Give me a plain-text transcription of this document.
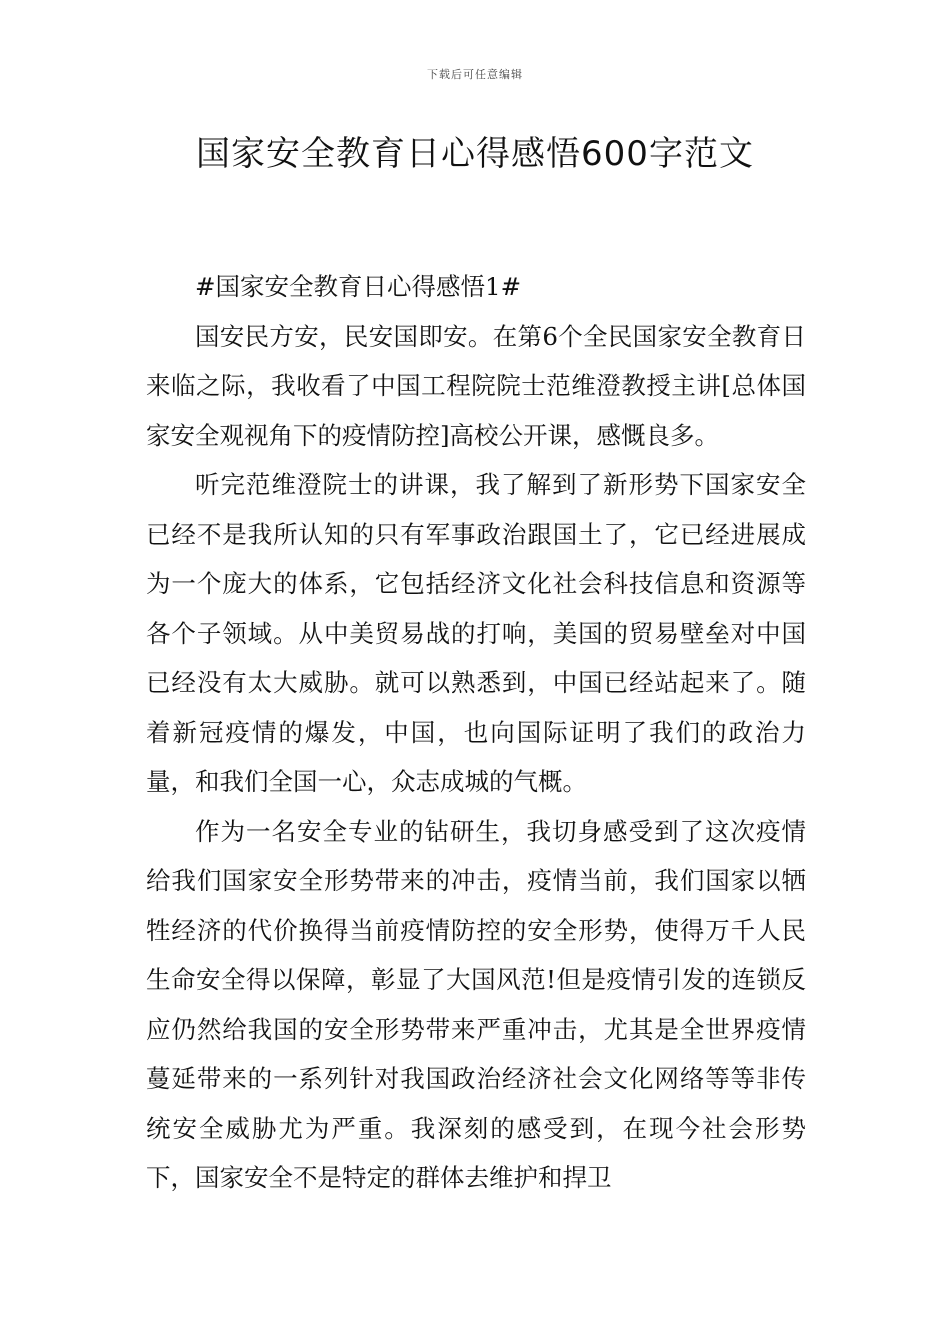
下载后可任意编辑
国家安全教育日心得感悟600字范文

#国家安全教育日心得感悟1#

国安民方安，民安国即安。在第6个全民国家安全教育日来临之际，我收看了中国工程院院士范维澄教授主讲[总体国家安全观视角下的疫情防控]高校公开课，感慨良多。

听完范维澄院士的讲课，我了解到了新形势下国家安全已经不是我所认知的只有军事政治跟国土了，它已经进展成为一个庞大的体系，它包括经济文化社会科技信息和资源等各个子领域。从中美贸易战的打响，美国的贸易壁垒对中国已经没有太大威胁。就可以熟悉到，中国已经站起来了。随着新冠疫情的爆发，中国，也向国际证明了我们的政治力量，和我们全国一心，众志成城的气概。

作为一名安全专业的钻研生，我切身感受到了这次疫情给我们国家安全形势带来的冲击，疫情当前，我们国家以牺牲经济的代价换得当前疫情防控的安全形势，使得万千人民生命安全得以保障，彰显了大国风范!但是疫情引发的连锁反应仍然给我国的安全形势带来严重冲击，尤其是全世界疫情蔓延带来的一系列针对我国政治经济社会文化网络等等非传统安全威胁尤为严重。我深刻的感受到，在现今社会形势下，国家安全不是特定的群体去维护和捍卫
